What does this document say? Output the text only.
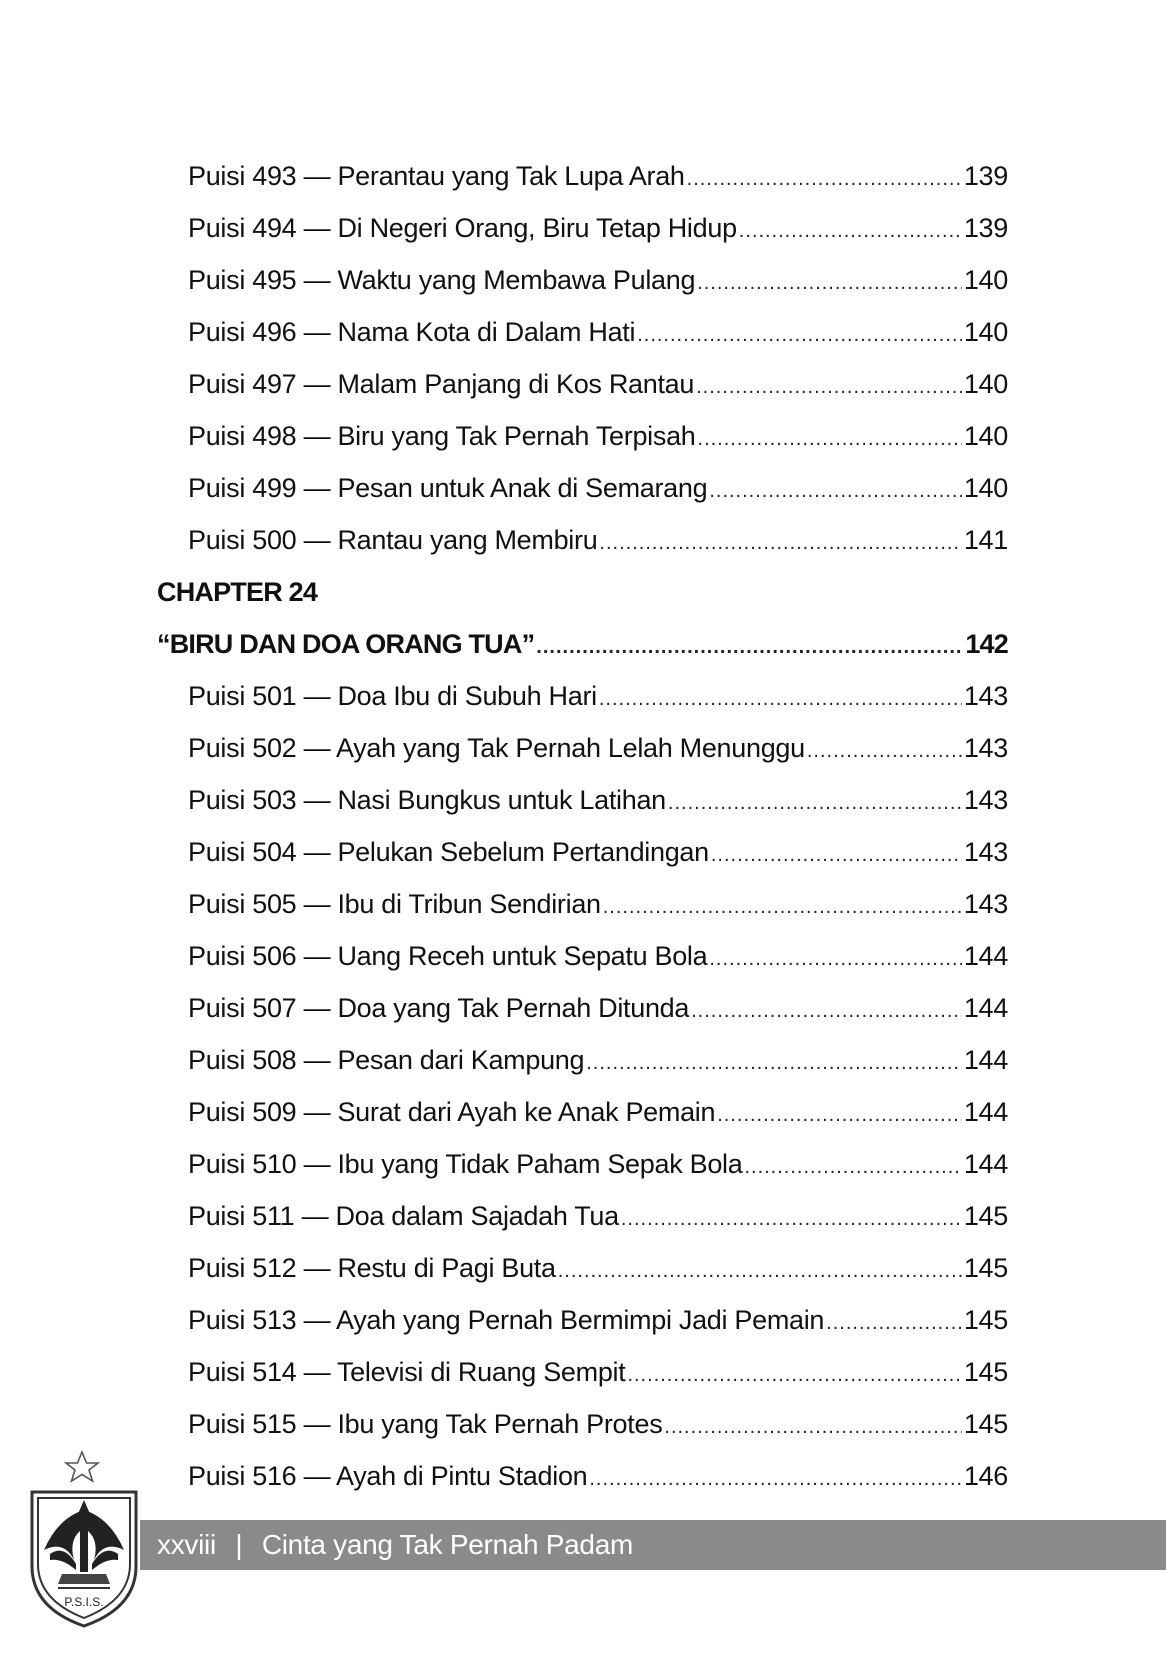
Puisi 493 — Perantau yang Tak Lupa Arah .....	139
Puisi 494 — Di Negeri Orang, Biru Tetap Hidup .....	139
Puisi 495 — Waktu yang Membawa Pulang .....	140
Puisi 496 — Nama Kota di Dalam Hati .....	140
Puisi 497 — Malam Panjang di Kos Rantau .....	140
Puisi 498 — Biru yang Tak Pernah Terpisah .....	140
Puisi 499 — Pesan untuk Anak di Semarang .....	140
Puisi 500 — Rantau yang Membiru .....	141
CHAPTER 24
“BIRU DAN DOA ORANG TUA” .....	142
Puisi 501 — Doa Ibu di Subuh Hari .....	143
Puisi 502 — Ayah yang Tak Pernah Lelah Menunggu .....	143
Puisi 503 — Nasi Bungkus untuk Latihan .....	143
Puisi 504 — Pelukan Sebelum Pertandingan .....	143
Puisi 505 — Ibu di Tribun Sendirian .....	143
Puisi 506 — Uang Receh untuk Sepatu Bola .....	144
Puisi 507 — Doa yang Tak Pernah Ditunda .....	144
Puisi 508 — Pesan dari Kampung .....	144
Puisi 509 — Surat dari Ayah ke Anak Pemain .....	144
Puisi 510 — Ibu yang Tidak Paham Sepak Bola .....	144
Puisi 511 — Doa dalam Sajadah Tua .....	145
Puisi 512 — Restu di Pagi Buta .....	145
Puisi 513 — Ayah yang Pernah Bermimpi Jadi Pemain .....	145
Puisi 514 — Televisi di Ruang Sempit .....	145
Puisi 515 — Ibu yang Tak Pernah Protes .....	145
Puisi 516 — Ayah di Pintu Stadion .....	146
xxviii | Cinta yang Tak Pernah Padam
P.S.I.S.
